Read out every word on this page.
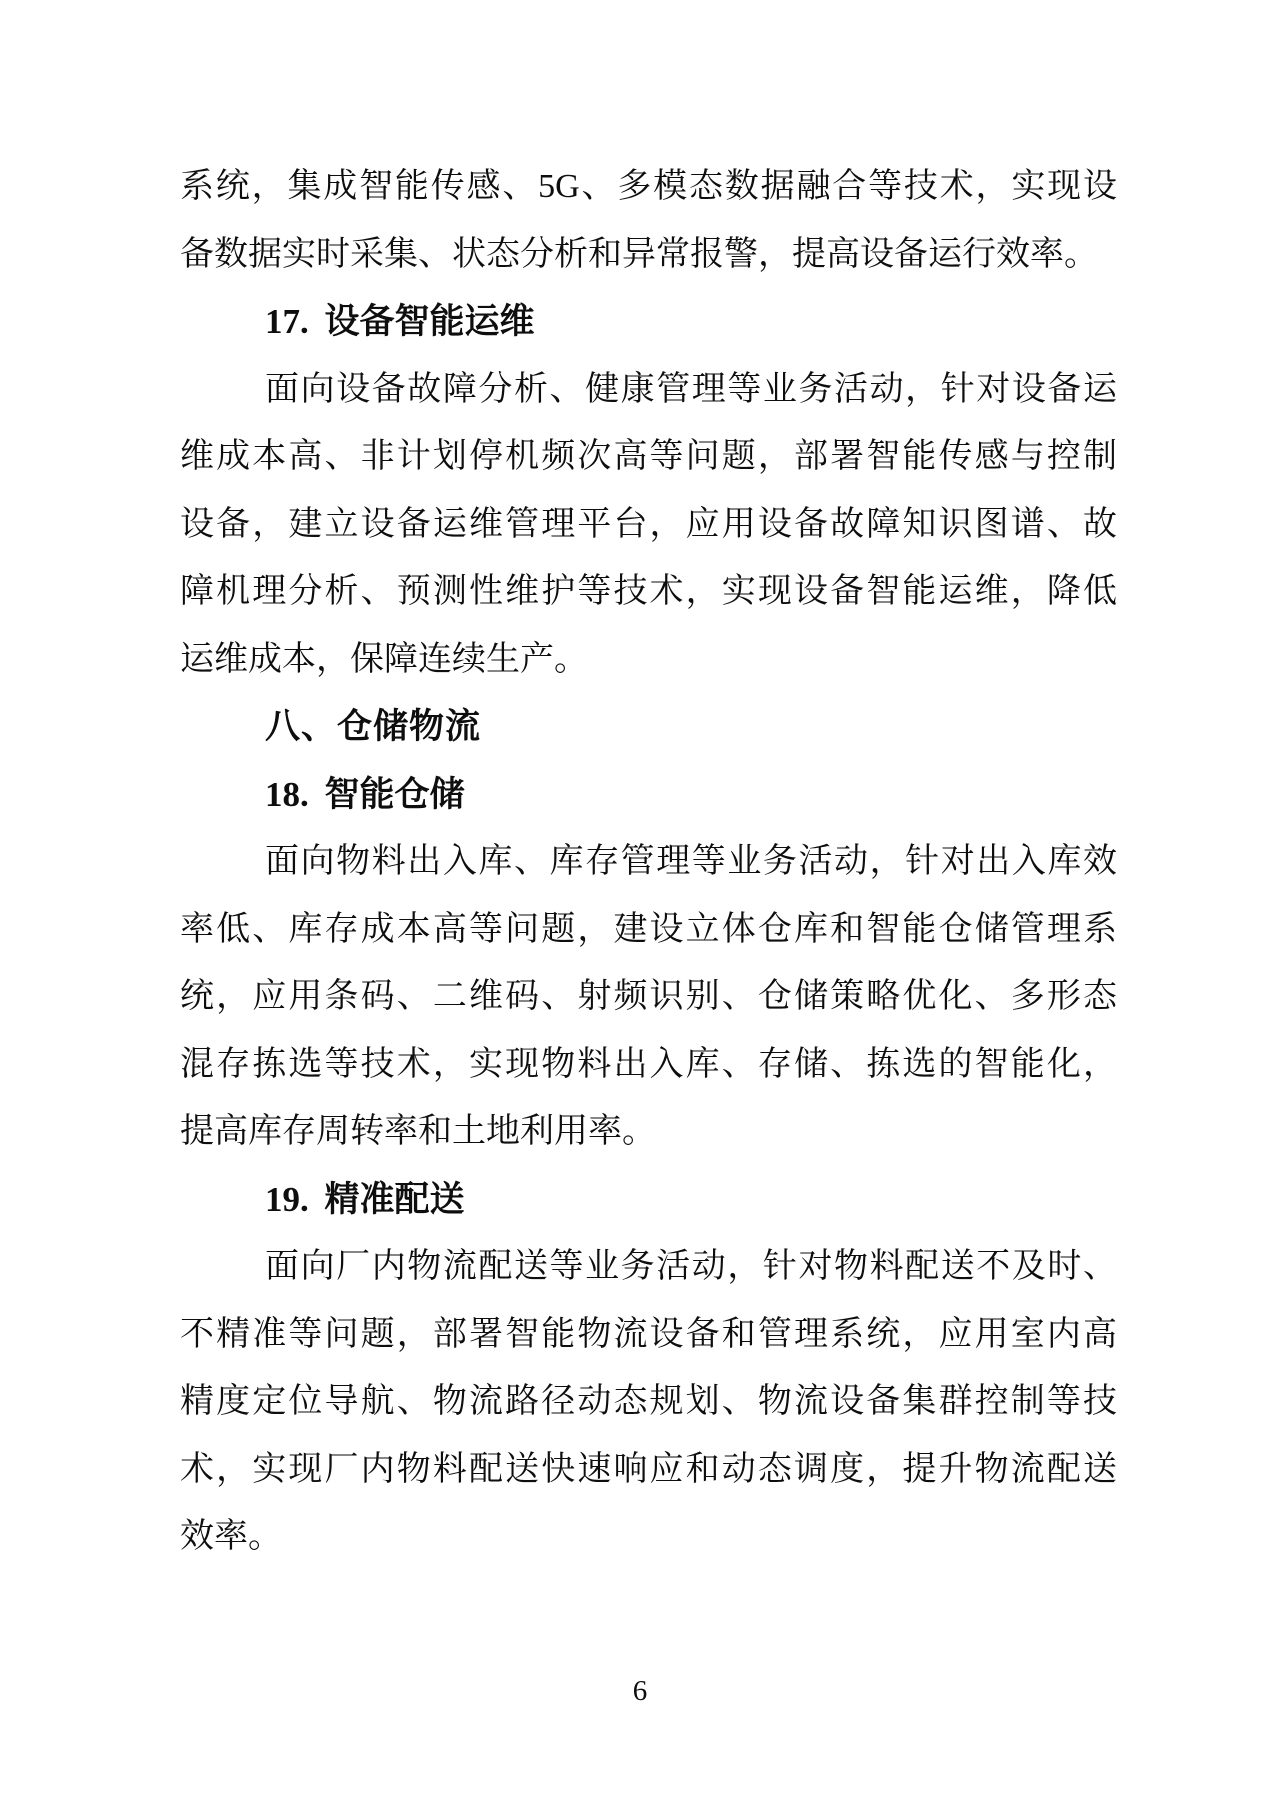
系统，集成智能传感、5G、多模态数据融合等技术，实现设
备数据实时采集、状态分析和异常报警，提高设备运行效率。
17. 设备智能运维
面向设备故障分析、健康管理等业务活动，针对设备运
维成本高、非计划停机频次高等问题，部署智能传感与控制
设备，建立设备运维管理平台，应用设备故障知识图谱、故
障机理分析、预测性维护等技术，实现设备智能运维，降低
运维成本，保障连续生产。
八、仓储物流
18. 智能仓储
面向物料出入库、库存管理等业务活动，针对出入库效
率低、库存成本高等问题，建设立体仓库和智能仓储管理系
统，应用条码、二维码、射频识别、仓储策略优化、多形态
混存拣选等技术，实现物料出入库、存储、拣选的智能化，
提高库存周转率和土地利用率。
19. 精准配送
面向厂内物流配送等业务活动，针对物料配送不及时、
不精准等问题，部署智能物流设备和管理系统，应用室内高
精度定位导航、物流路径动态规划、物流设备集群控制等技
术，实现厂内物料配送快速响应和动态调度，提升物流配送
效率。
6
